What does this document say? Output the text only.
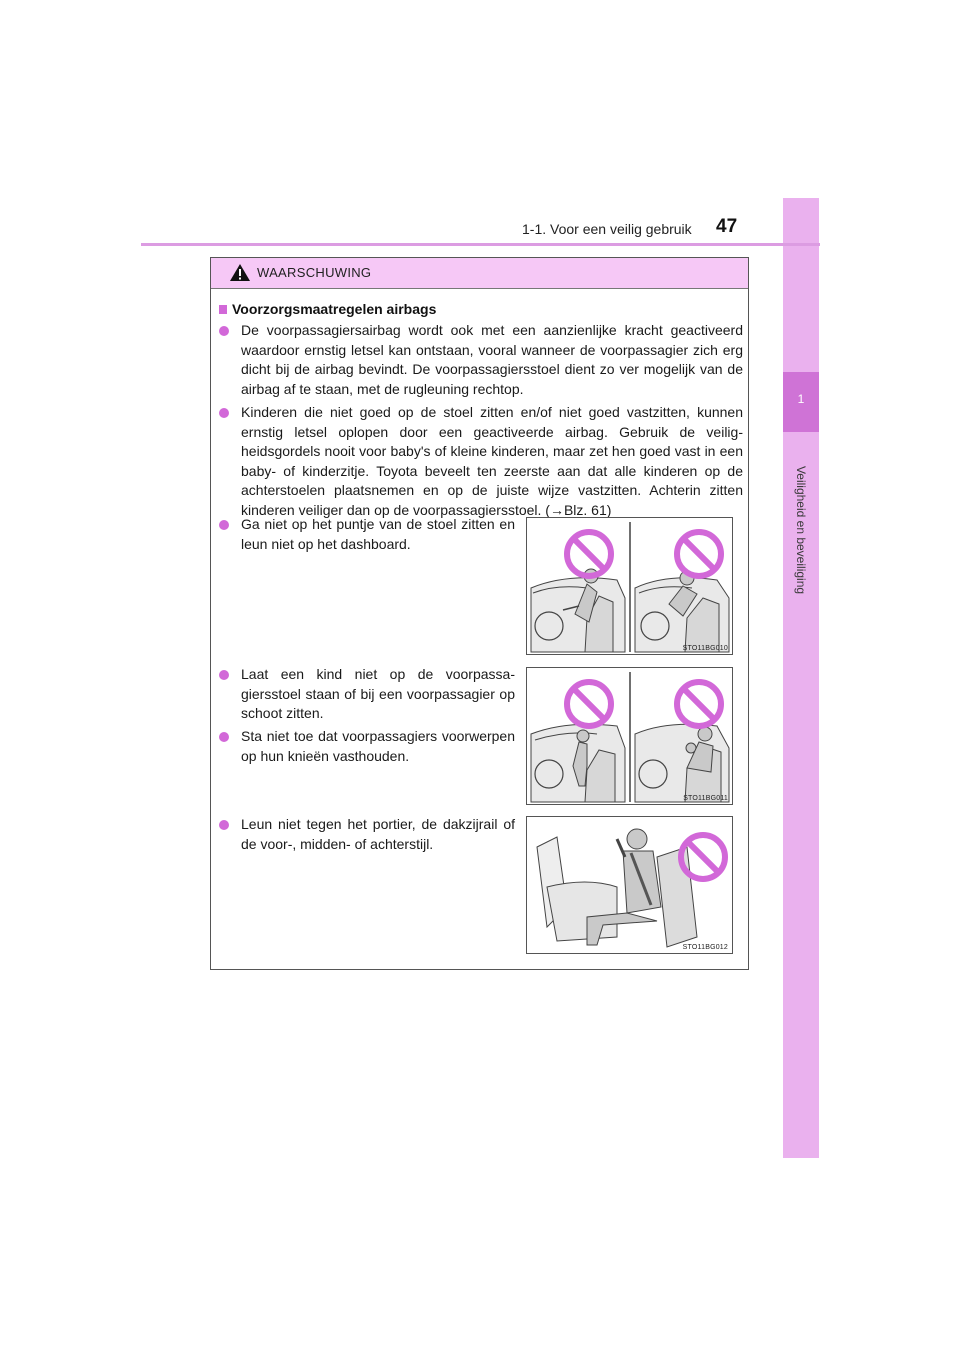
1
Veiligheid en beveiliging
1-1. Voor een veilig gebruik 47
WAARSCHUWING
Voorzorgsmaatregelen airbags
De voorpassagiersairbag wordt ook met een aanzienlijke kracht geactiveerd waardoor ernstig letsel kan ontstaan, vooral wanneer de voorpassagier zich erg dicht bij de airbag bevindt. De voorpassagiersstoel dient zo ver mogelijk van de airbag af te staan, met de rugleuning rechtop.
Kinderen die niet goed op de stoel zitten en/of niet goed vastzitten, kunnen ernstig letsel oplopen door een geactiveerde airbag. Gebruik de veiligheidsgordels nooit voor baby's of kleine kinderen, maar zet hen goed vast in een baby- of kinderzitje. Toyota beveelt ten zeerste aan dat alle kinderen op de achterstoelen plaatsnemen en op de juiste wijze vastzitten. Achterin zitten kinderen veiliger dan op de voorpassagiersstoel. (→Blz. 61)
Ga niet op het puntje van de stoel zitten en leun niet op het dashboard.
STO11BG010
Laat een kind niet op de voorpassagiersstoel staan of bij een voorpassagier op schoot zitten.
Sta niet toe dat voorpassagiers voorwerpen op hun knieën vasthouden.
STO11BG011
Leun niet tegen het portier, de dakzijrail of de voor-, midden- of achterstijl.
STO11BG012
